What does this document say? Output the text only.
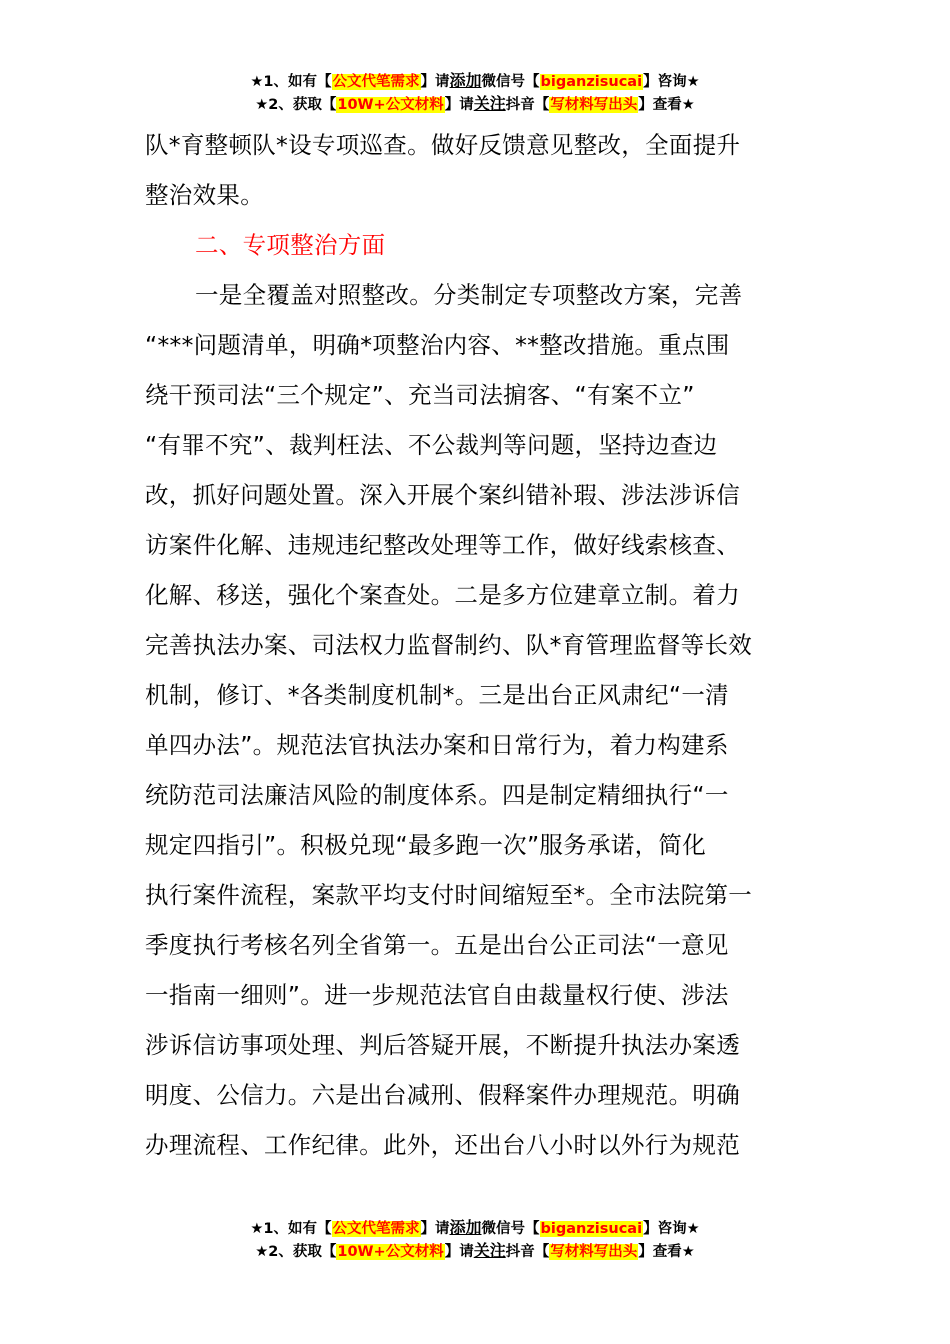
★1、如有【公文代笔需求】请添加微信号【biganzisucai】咨询★
★2、获取【10W+公文材料】请关注抖音【写材料写出头】查看★
队*育整顿队*设专项巡查。做好反馈意见整改，全面提升
整治效果。
二、专项整治方面
一是全覆盖对照整改。分类制定专项整改方案，完善
“***问题清单，明确*项整治内容、**整改措施。重点围
绕干预司法“三个规定”、充当司法掮客、“有案不立”
“有罪不究”、裁判枉法、不公裁判等问题，坚持边查边
改，抓好问题处置。深入开展个案纠错补瑕、涉法涉诉信
访案件化解、违规违纪整改处理等工作，做好线索核查、
化解、移送，强化个案查处。二是多方位建章立制。着力
完善执法办案、司法权力监督制约、队*育管理监督等长效
机制，修订、*各类制度机制*。三是出台正风肃纪“一清
单四办法”。规范法官执法办案和日常行为，着力构建系
统防范司法廉洁风险的制度体系。四是制定精细执行“一
规定四指引”。积极兑现“最多跑一次”服务承诺，简化
执行案件流程，案款平均支付时间缩短至*。全市法院第一
季度执行考核名列全省第一。五是出台公正司法“一意见
一指南一细则”。进一步规范法官自由裁量权行使、涉法
涉诉信访事项处理、判后答疑开展，不断提升执法办案透
明度、公信力。六是出台减刑、假释案件办理规范。明确
办理流程、工作纪律。此外，还出台八小时以外行为规范
★1、如有【公文代笔需求】请添加微信号【biganzisucai】咨询★
★2、获取【10W+公文材料】请关注抖音【写材料写出头】查看★
